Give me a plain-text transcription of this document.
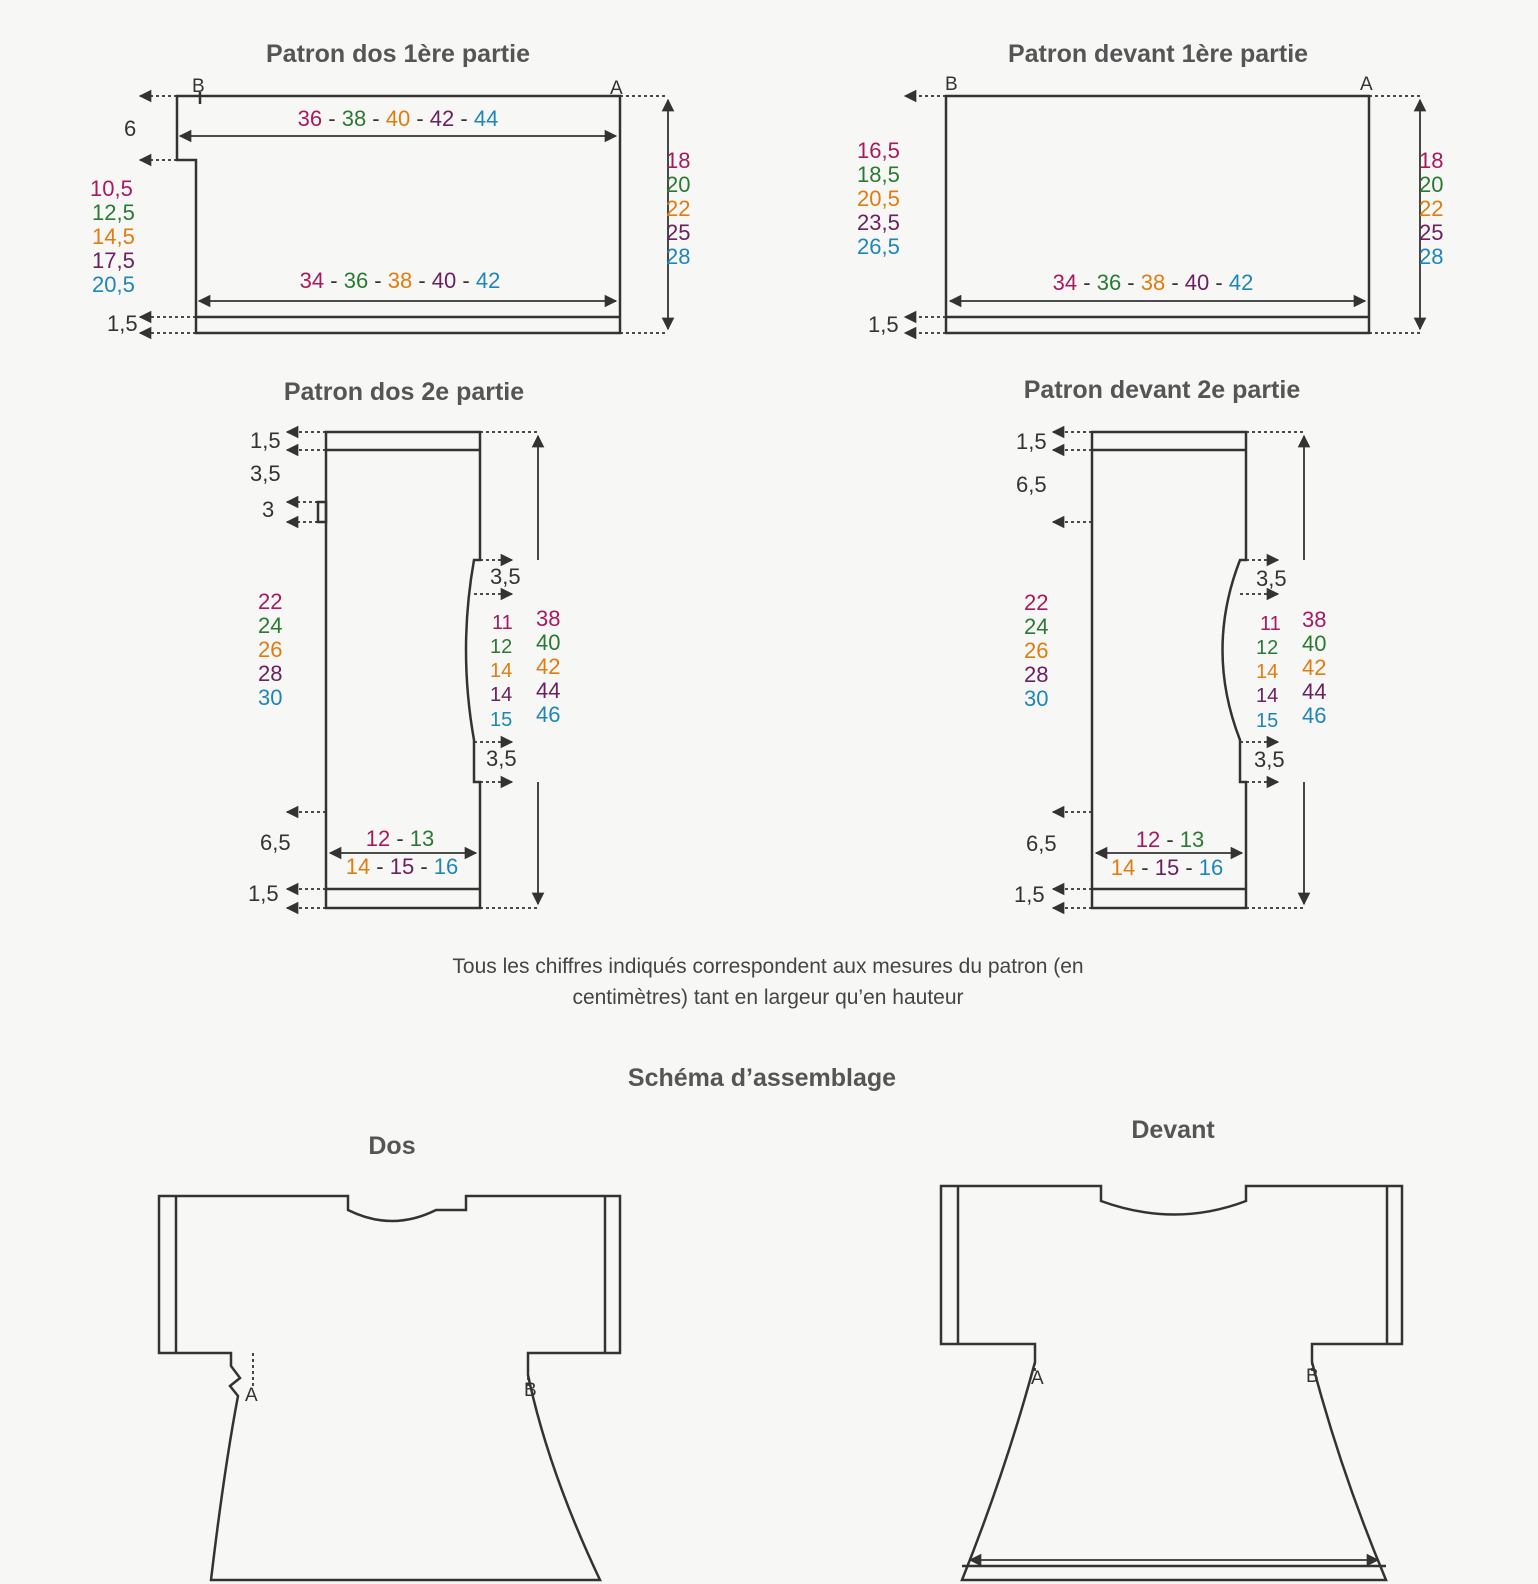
Patron dos 1ère partie
B	A
6
1,5
36 - 38 - 40 - 42 - 44
34 - 36 - 38 - 40 - 42
18
20
22
25
28
10,5
12,5
14,5
17,5
20,5
Patron devant 1ère partie
B	A
1,5
34 - 36 - 38 - 40 - 42
18
20
22
25
28
16,5
18,5
20,5
23,5
26,5
Patron dos 2e partie
1,5
3,5
3
6,5
1,5
3,5
3,5
22
24
26
28
30
11
12
14
14
15
38
40
42
44
46
12 - 13
14 - 15 - 16
Patron devant 2e partie
1,5
6,5
6,5
1,5
3,5
3,5
22
24
26
28
30
11
12
14
14
15
38
40
42
44
46
12 - 13
14 - 15 - 16
Tous les chiffres indiqués correspondent aux mesures du patron (en
centimètres) tant en largeur qu’en hauteur
Schéma d’assemblage
Dos
A	B
Devant
A	B
